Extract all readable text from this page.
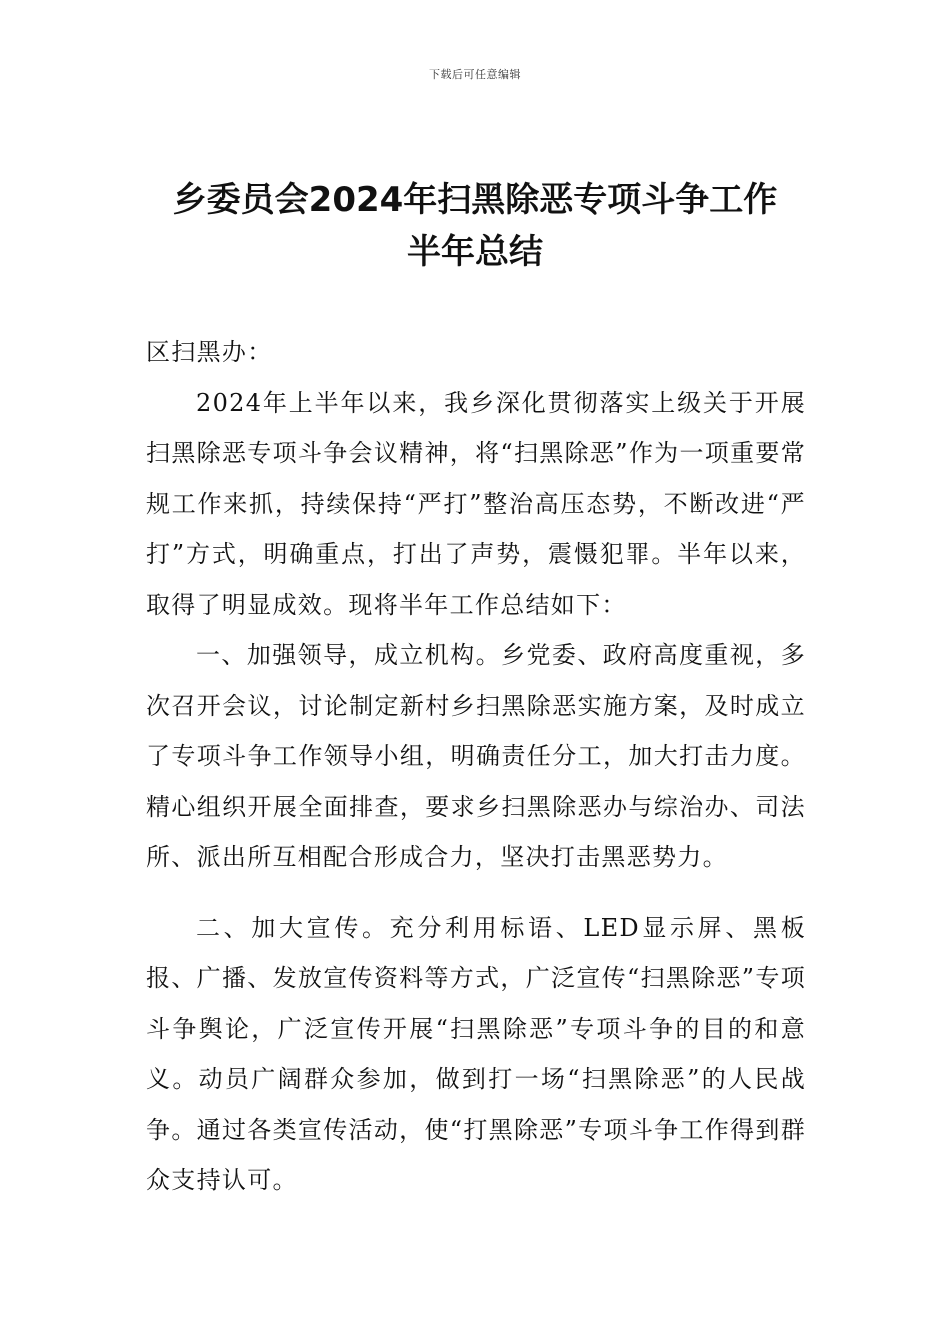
下载后可任意编辑
乡委员会2024年扫黑除恶专项斗争工作
半年总结

区扫黑办：

2024年上半年以来，我乡深化贯彻落实上级关于开展扫黑除恶专项斗争会议精神，将“扫黑除恶”作为一项重要常规工作来抓，持续保持“严打”整治高压态势，不断改进“严打”方式，明确重点，打出了声势，震慑犯罪。半年以来，取得了明显成效。现将半年工作总结如下：

一、加强领导，成立机构。乡党委、政府高度重视，多次召开会议，讨论制定新村乡扫黑除恶实施方案，及时成立了专项斗争工作领导小组，明确责任分工，加大打击力度。精心组织开展全面排查，要求乡扫黑除恶办与综治办、司法所、派出所互相配合形成合力，坚决打击黑恶势力。

二、加大宣传。充分利用标语、LED显示屏、黑板报、广播、发放宣传资料等方式，广泛宣传“扫黑除恶”专项斗争舆论，广泛宣传开展“扫黑除恶”专项斗争的目的和意义。动员广阔群众参加，做到打一场“扫黑除恶”的人民战争。通过各类宣传活动，使“打黑除恶”专项斗争工作得到群众支持认可。
